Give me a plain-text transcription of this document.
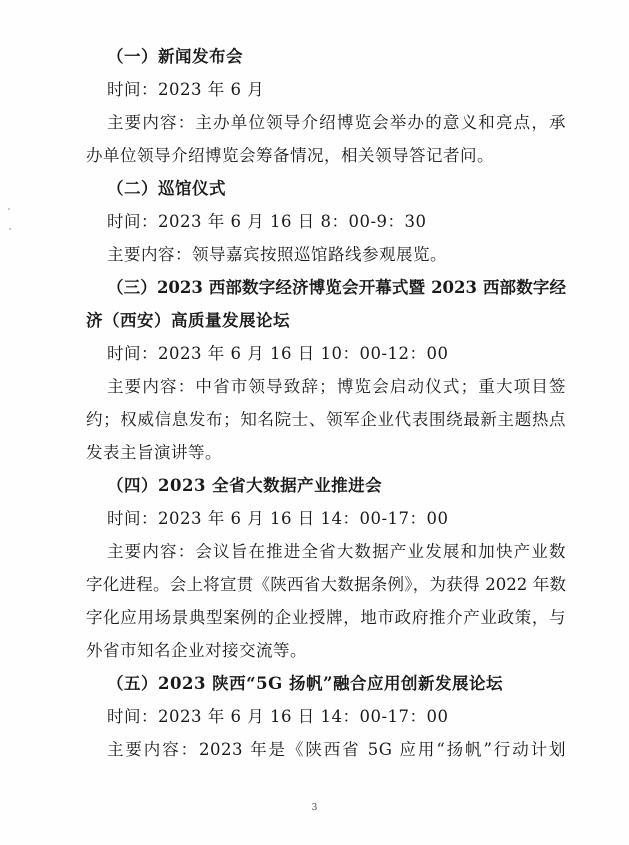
（一）新闻发布会
时间：2023 年 6 月
主要内容：主办单位领导介绍博览会举办的意义和亮点，承
办单位领导介绍博览会筹备情况，相关领导答记者问。
（二）巡馆仪式
时间：2023 年 6 月 16 日 8：00-9：30
主要内容：领导嘉宾按照巡馆路线参观展览。
（三）2023 西部数字经济博览会开幕式暨 2023 西部数字经
济（西安）高质量发展论坛
时间：2023 年 6 月 16 日 10：00-12：00
主要内容：中省市领导致辞；博览会启动仪式；重大项目签
约；权威信息发布；知名院士、领军企业代表围绕最新主题热点
发表主旨演讲等。
（四）2023 全省大数据产业推进会
时间：2023 年 6 月 16 日 14：00-17：00
主要内容：会议旨在推进全省大数据产业发展和加快产业数
字化进程。会上将宣贯《陕西省大数据条例》，为获得 2022 年数
字化应用场景典型案例的企业授牌，地市政府推介产业政策，与
外省市知名企业对接交流等。
（五）2023 陕西“5G 扬帆”融合应用创新发展论坛
时间：2023 年 6 月 16 日 14：00-17：00
主要内容：2023 年是《陕西省 5G 应用“扬帆”行动计划
3
